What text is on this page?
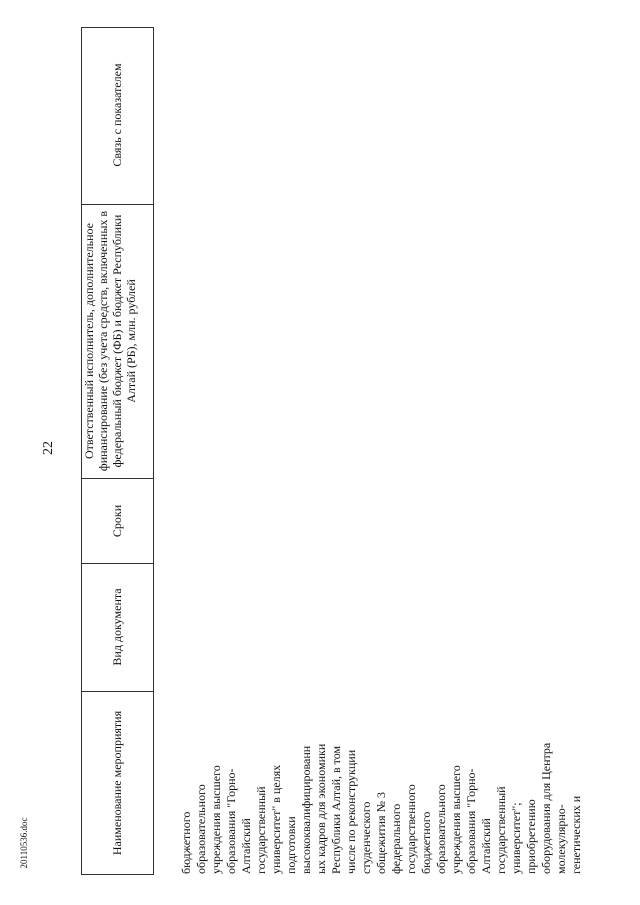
Связь с показателем
Ответственный исполнитель, дополнительное финансирование (без учета средств, включенных в федеральный бюджет (ФБ) и бюджет Республики Алтай (РБ), млн. рублей
Сроки
Вид документа
Наименование мероприятия
22
бюджетного образовательного учреждения высшего образования "Горно- Алтайский государственный университет" в целях подготовки высококвалифицированн ых кадров для экономики Республики Алтай, в том числе по реконструкции студенческого общежития № 3 федерального государственного бюджетного образовательного учреждения высшего образования "Горно- Алтайский государственный университет"; приобретению оборудования для Центра молекулярно- генетических и
20110536.doc
